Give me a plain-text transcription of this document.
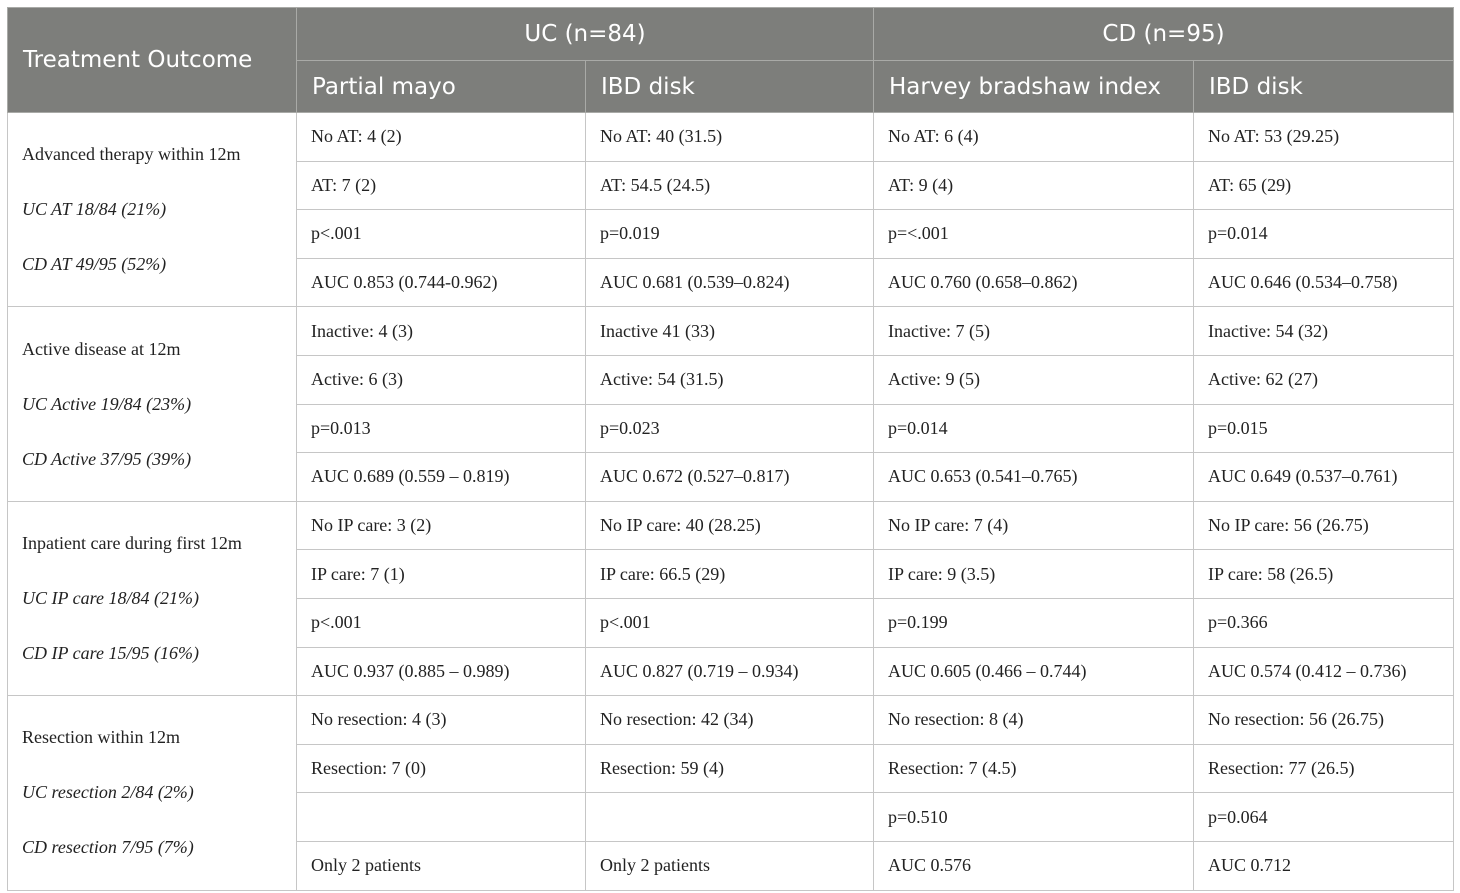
Treatment Outcome	UC (n=84)		CD (n=95)	
	Partial mayo	IBD disk	Harvey bradshaw index	IBD disk

Advanced therapy within 12m
UC AT 18/84 (21%)
CD AT 49/95 (52%)	No AT: 4 (2)	No AT: 40 (31.5)	No AT: 6 (4)	No AT: 53 (29.25)
	AT: 7 (2)	AT: 54.5 (24.5)	AT: 9 (4)	AT: 65 (29)
	p<.001	p=0.019	p=<.001	p=0.014
	AUC 0.853 (0.744-0.962)	AUC 0.681 (0.539–0.824)	AUC 0.760 (0.658–0.862)	AUC 0.646 (0.534–0.758)

Active disease at 12m
UC Active 19/84 (23%)
CD Active 37/95 (39%)	Inactive: 4 (3)	Inactive 41 (33)	Inactive: 7 (5)	Inactive: 54 (32)
	Active: 6 (3)	Active: 54 (31.5)	Active: 9 (5)	Active: 62 (27)
	p=0.013	p=0.023	p=0.014	p=0.015
	AUC 0.689 (0.559 – 0.819)	AUC 0.672 (0.527–0.817)	AUC 0.653 (0.541–0.765)	AUC 0.649 (0.537–0.761)

Inpatient care during first 12m
UC IP care 18/84 (21%)
CD IP care 15/95 (16%)	No IP care: 3 (2)	No IP care: 40 (28.25)	No IP care: 7 (4)	No IP care: 56 (26.75)
	IP care: 7 (1)	IP care: 66.5 (29)	IP care: 9 (3.5)	IP care: 58 (26.5)
	p<.001	p<.001	p=0.199	p=0.366
	AUC 0.937 (0.885 – 0.989)	AUC 0.827 (0.719 – 0.934)	AUC 0.605 (0.466 – 0.744)	AUC 0.574 (0.412 – 0.736)

Resection within 12m
UC resection 2/84 (2%)
CD resection 7/95 (7%)	No resection: 4 (3)	No resection: 42 (34)	No resection: 8 (4)	No resection: 56 (26.75)
	Resection: 7 (0)	Resection: 59 (4)	Resection: 7 (4.5)	Resection: 77 (26.5)
			p=0.510	p=0.064
	Only 2 patients	Only 2 patients	AUC 0.576	AUC 0.712
